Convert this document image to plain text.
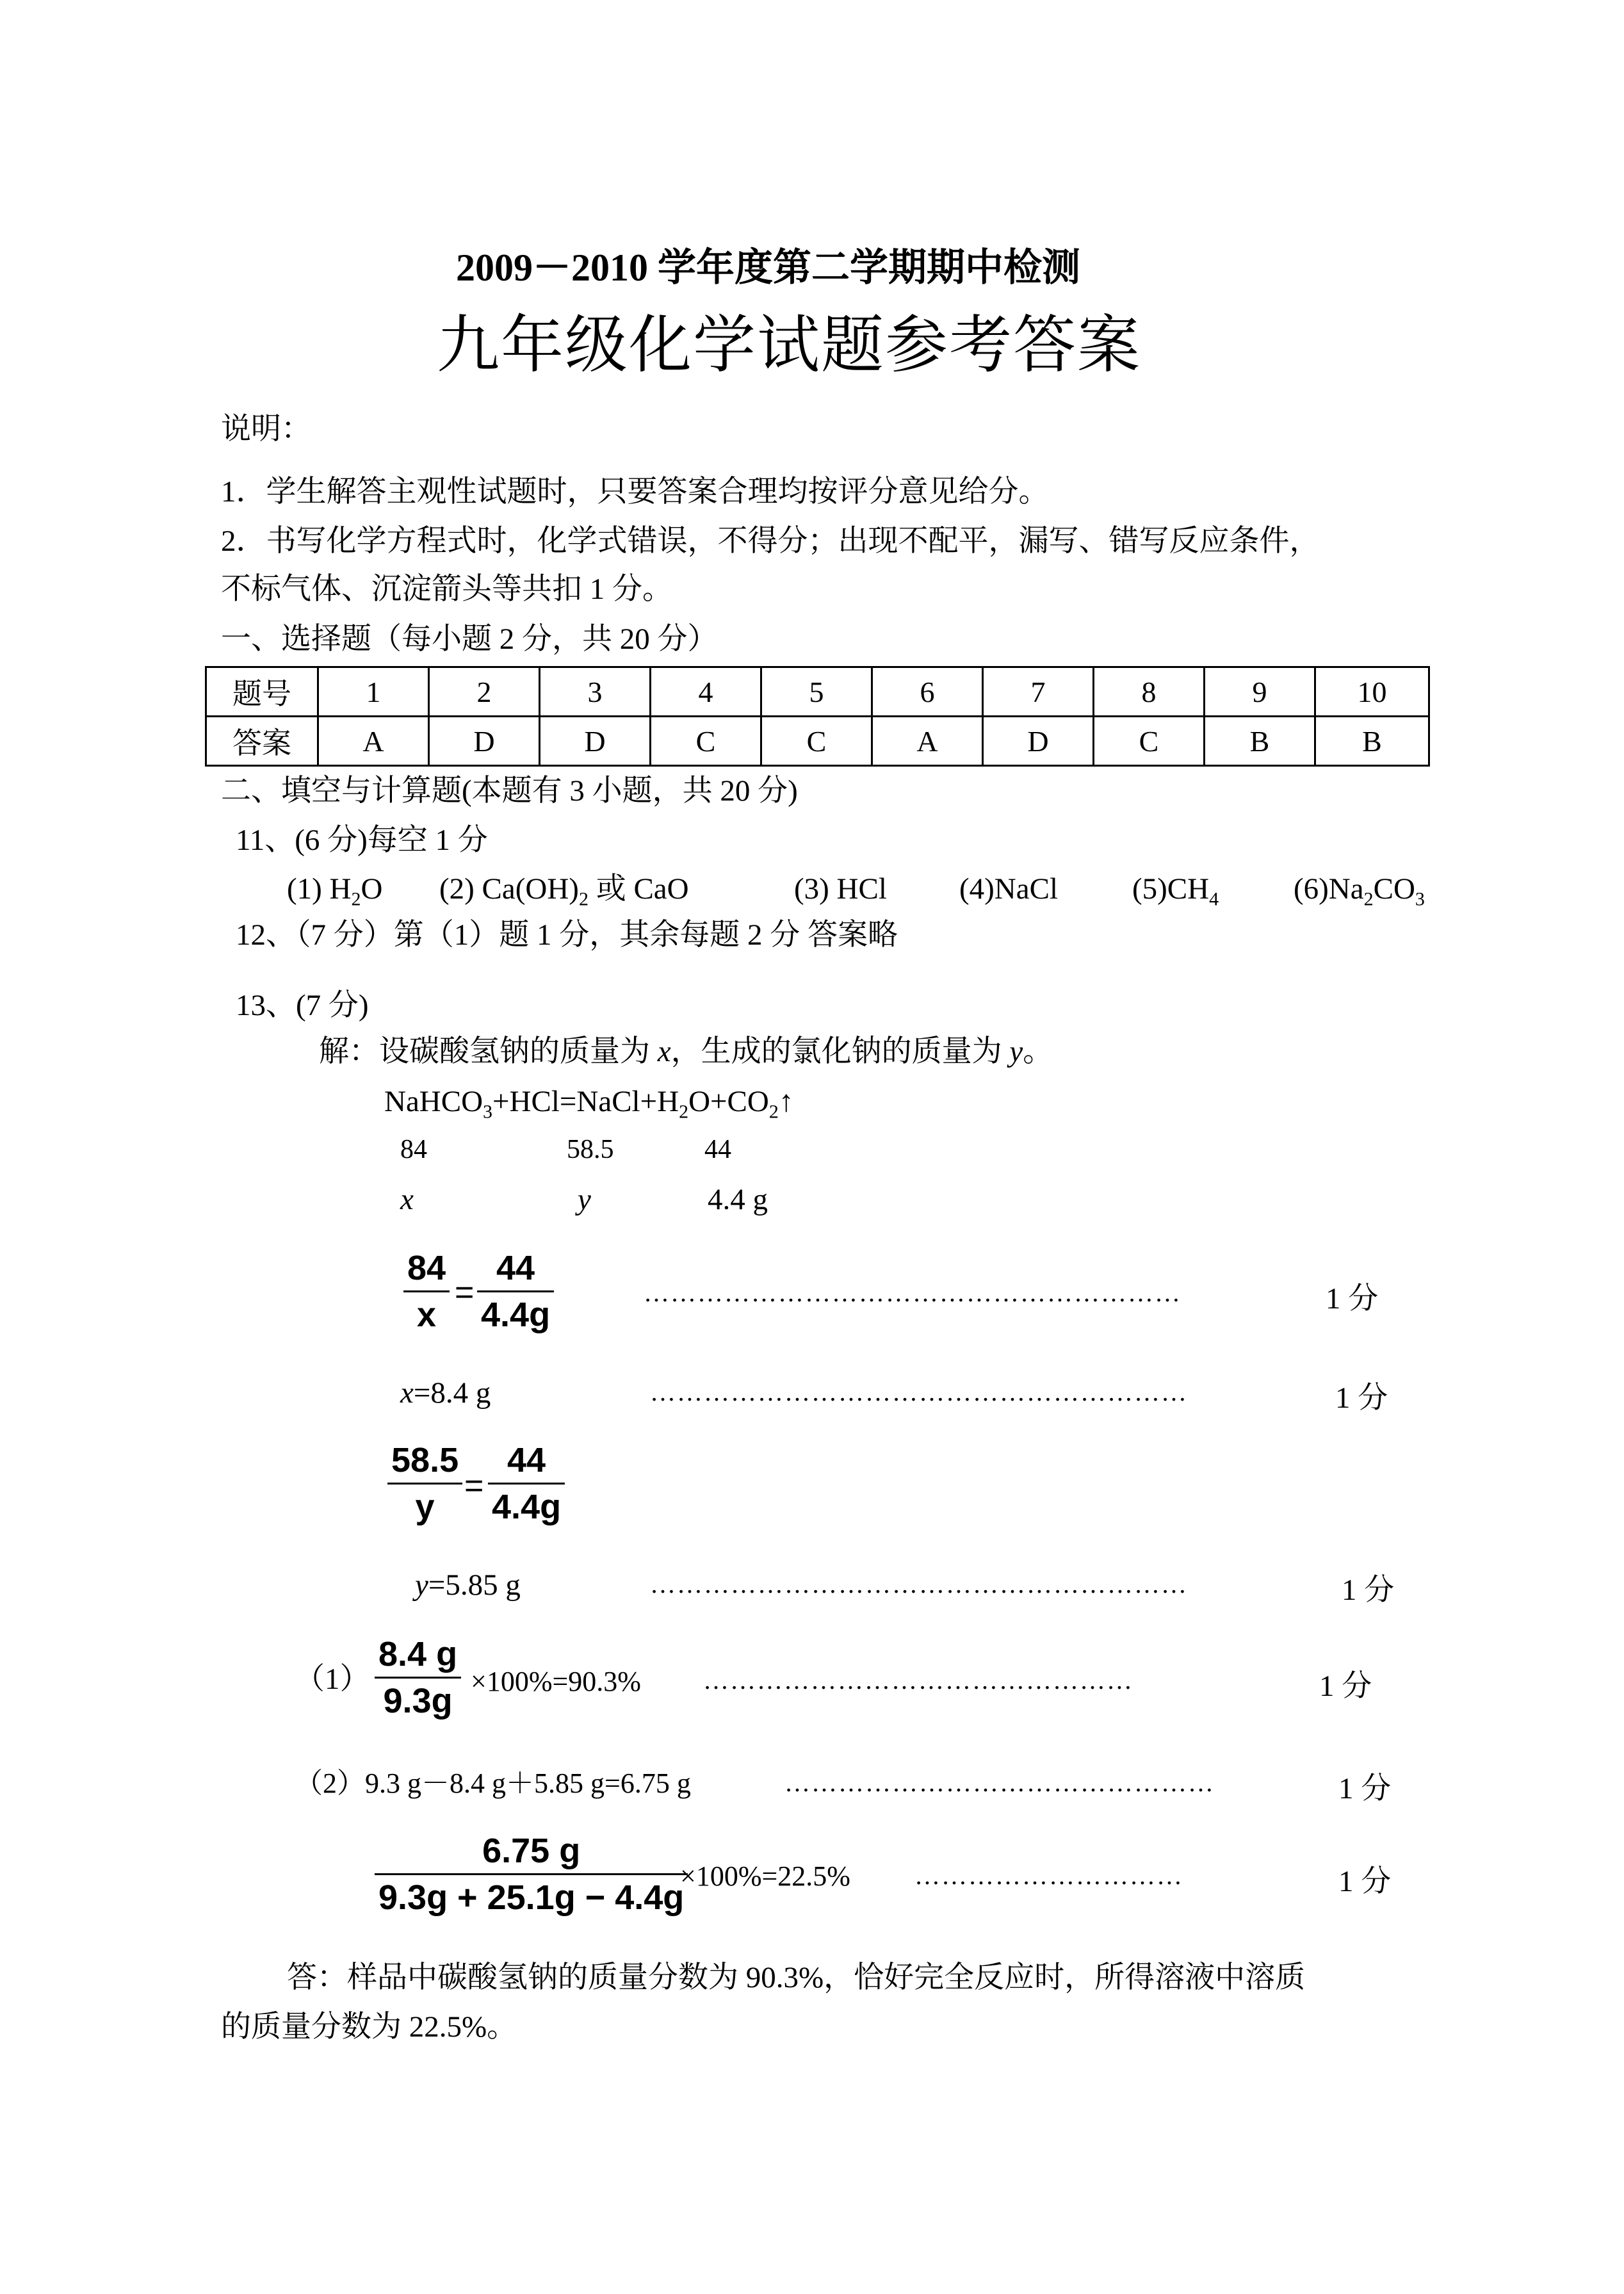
2009－2010 学年度第二学期期中检测
九年级化学试题参考答案
说明：
1．学生解答主观性试题时，只要答案合理均按评分意见给分。
2．书写化学方程式时，化学式错误，不得分；出现不配平，漏写、错写反应条件，
不标气体、沉淀箭头等共扣 1 分。
一、选择题（每小题 2 分，共 20 分）
题号	1	2	3	4	5	6	7	8	9	10
答案	A	D	D	C	C	A	D	C	B	B
二、填空与计算题(本题有 3 小题，共 20 分)
11、(6 分)每空 1 分
(1) $H_2O$ (2) $Ca(OH)_2$ 或 CaO	(3) HCl (4)NaCl $(5)CH_4$ $(6)Na_2CO_3$
12、（7 分）第（1）题 1 分，其余每题 2 分 答案略
13、(7 分)
解：设碳酸氢钠的质量为 x，生成的氯化钠的质量为 y。
$NaHCO_3+HCl=NaCl+H_2O+CO_2↑$
84	58.5	44
x	y	4.4 g
84
x
=
44
4.4g
……………………………………………………	1 分
x=8.4 g	……………………………………………………	1 分
58.5
y
=
44
4.4g
y=5.85 g	……………………………………………………	1 分
（1）
8.4 g
9.3g
×100%=90.3% …………………………………………	1 分
（2）9.3 g－8.4 g＋5.85 g=6.75 g	…………………………………………	1 分
6.75 g
9.3g + 25.1g − 4.4g
×100%=22.5%	…………………………	1 分
答：样品中碳酸氢钠的质量分数为 90.3%，恰好完全反应时，所得溶液中溶质
的质量分数为 22.5%。
